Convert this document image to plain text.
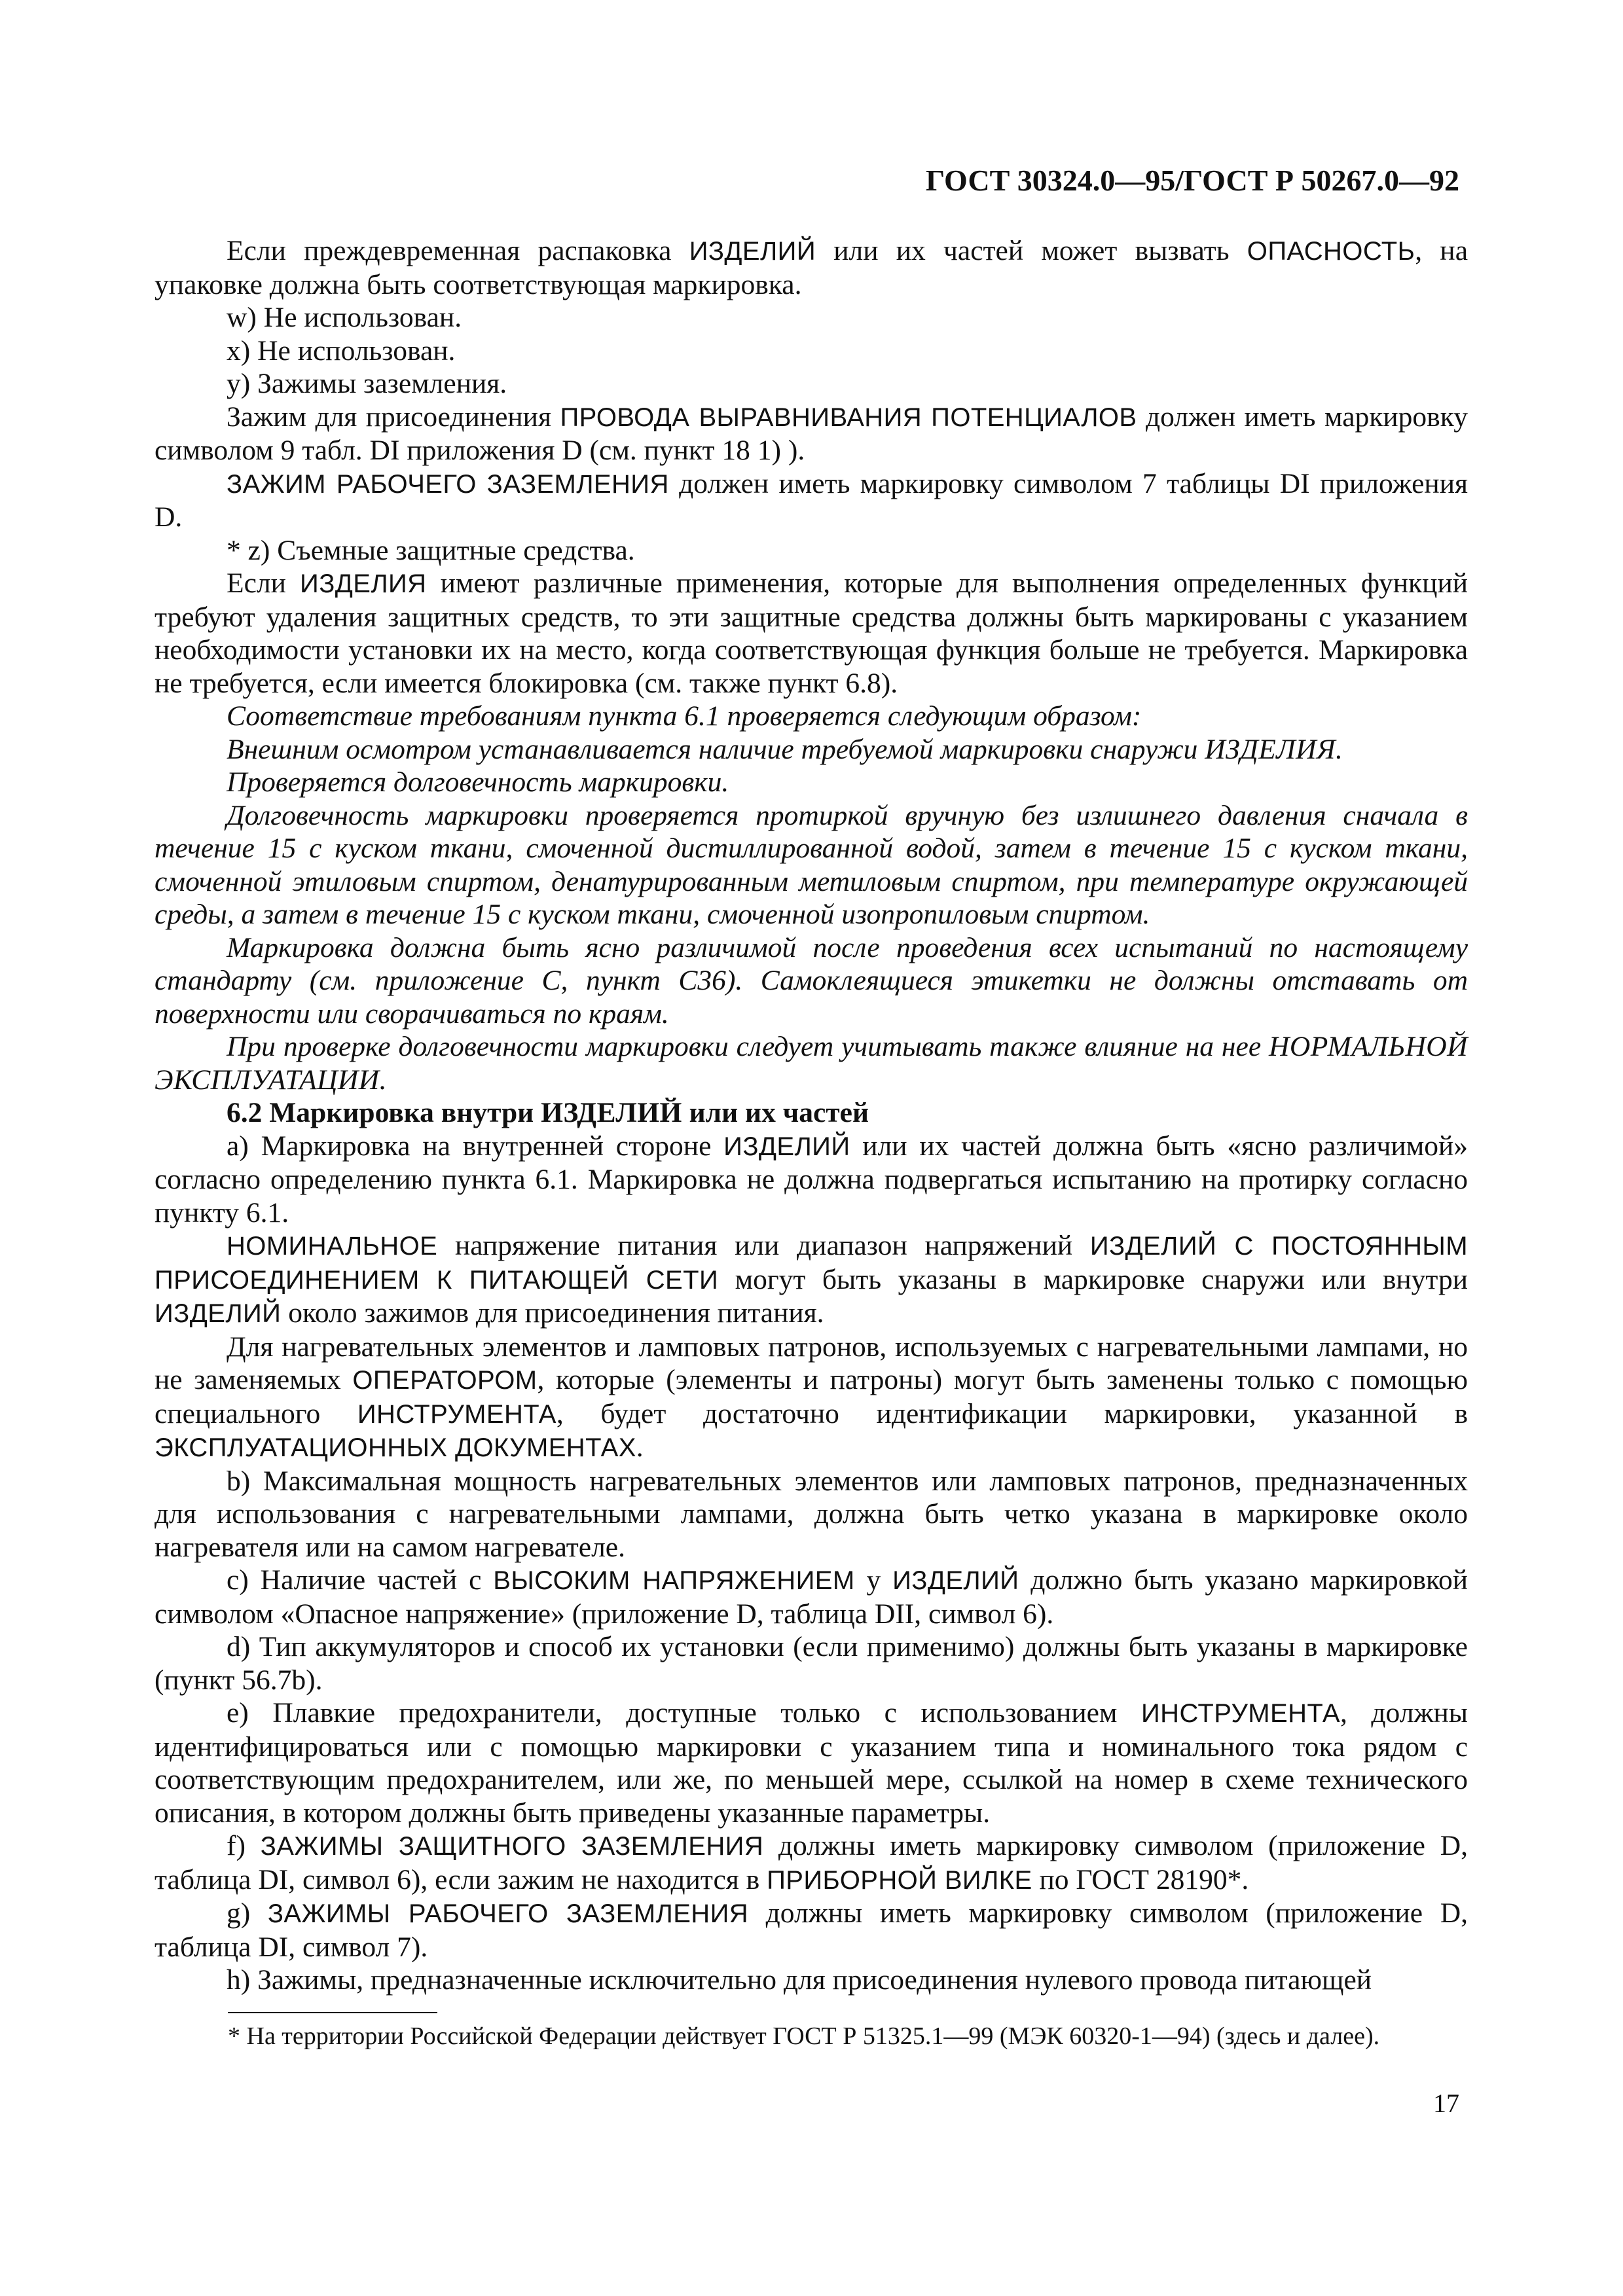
ГОСТ 30324.0—95/ГОСТ Р 50267.0—92

Если преждевременная распаковка ИЗДЕЛИЙ или их частей может вызвать ОПАСНОСТЬ, на упаковке должна быть соответствующая маркировка.

w) Не использован.

x) Не использован.

y) Зажимы заземления.

Зажим для присоединения ПРОВОДА ВЫРАВНИВАНИЯ ПОТЕНЦИАЛОВ должен иметь маркировку символом 9 табл. DI приложения D (см. пункт 18 1) ).

ЗАЖИМ РАБОЧЕГО ЗАЗЕМЛЕНИЯ должен иметь маркировку символом 7 таблицы DI приложения D.

* z) Съемные защитные средства.

Если ИЗДЕЛИЯ имеют различные применения, которые для выполнения определенных функций требуют удаления защитных средств, то эти защитные средства должны быть маркированы с указанием необходимости установки их на место, когда соответствующая функция больше не требуется. Маркировка не требуется, если имеется блокировка (см. также пункт 6.8).

Соответствие требованиям пункта 6.1 проверяется следующим образом:

Внешним осмотром устанавливается наличие требуемой маркировки снаружи ИЗДЕЛИЯ.

Проверяется долговечность маркировки.

Долговечность маркировки проверяется протиркой вручную без излишнего давления сначала в течение 15 с куском ткани, смоченной дистиллированной водой, затем в течение 15 с куском ткани, смоченной этиловым спиртом, денатурированным метиловым спиртом, при температуре окружающей среды, а затем в течение 15 с куском ткани, смоченной изопропиловым спиртом.

Маркировка должна быть ясно различимой после проведения всех испытаний по настоящему стандарту (см. приложение С, пункт С36). Самоклеящиеся этикетки не должны отставать от поверхности или сворачиваться по краям.

При проверке долговечности маркировки следует учитывать также влияние на нее НОРМАЛЬНОЙ ЭКСПЛУАТАЦИИ.

6.2 Маркировка внутри ИЗДЕЛИЙ или их частей

a) Маркировка на внутренней стороне ИЗДЕЛИЙ или их частей должна быть «ясно различимой» согласно определению пункта 6.1. Маркировка не должна подвергаться испытанию на протирку согласно пункту 6.1.

НОМИНАЛЬНОЕ напряжение питания или диапазон напряжений ИЗДЕЛИЙ С ПОСТОЯННЫМ ПРИСОЕДИНЕНИЕМ К ПИТАЮЩЕЙ СЕТИ могут быть указаны в маркировке снаружи или внутри ИЗДЕЛИЙ около зажимов для присоединения питания.

Для нагревательных элементов и ламповых патронов, используемых с нагревательными лампами, но не заменяемых ОПЕРАТОРОМ, которые (элементы и патроны) могут быть заменены только с помощью специального ИНСТРУМЕНТА, будет достаточно идентификации маркировки, указанной в ЭКСПЛУАТАЦИОННЫХ ДОКУМЕНТАХ.

b) Максимальная мощность нагревательных элементов или ламповых патронов, предназначенных для использования с нагревательными лампами, должна быть четко указана в маркировке около нагревателя или на самом нагревателе.

c) Наличие частей с ВЫСОКИМ НАПРЯЖЕНИЕМ у ИЗДЕЛИЙ должно быть указано маркировкой символом «Опасное напряжение» (приложение D, таблица DII, символ 6).

d) Тип аккумуляторов и способ их установки (если применимо) должны быть указаны в маркировке (пункт 56.7b).

e) Плавкие предохранители, доступные только с использованием ИНСТРУМЕНТА, должны идентифицироваться или с помощью маркировки с указанием типа и номинального тока рядом с соответствующим предохранителем, или же, по меньшей мере, ссылкой на номер в схеме технического описания, в котором должны быть приведены указанные параметры.

f) ЗАЖИМЫ ЗАЩИТНОГО ЗАЗЕМЛЕНИЯ должны иметь маркировку символом (приложение D, таблица DI, символ 6), если зажим не находится в ПРИБОРНОЙ ВИЛКЕ по ГОСТ 28190*.

g) ЗАЖИМЫ РАБОЧЕГО ЗАЗЕМЛЕНИЯ должны иметь маркировку символом (приложение D, таблица DI, символ 7).

h) Зажимы, предназначенные исключительно для присоединения нулевого провода питающей

* На территории Российской Федерации действует ГОСТ Р 51325.1—99 (МЭК 60320-1—94) (здесь и далее).
17
